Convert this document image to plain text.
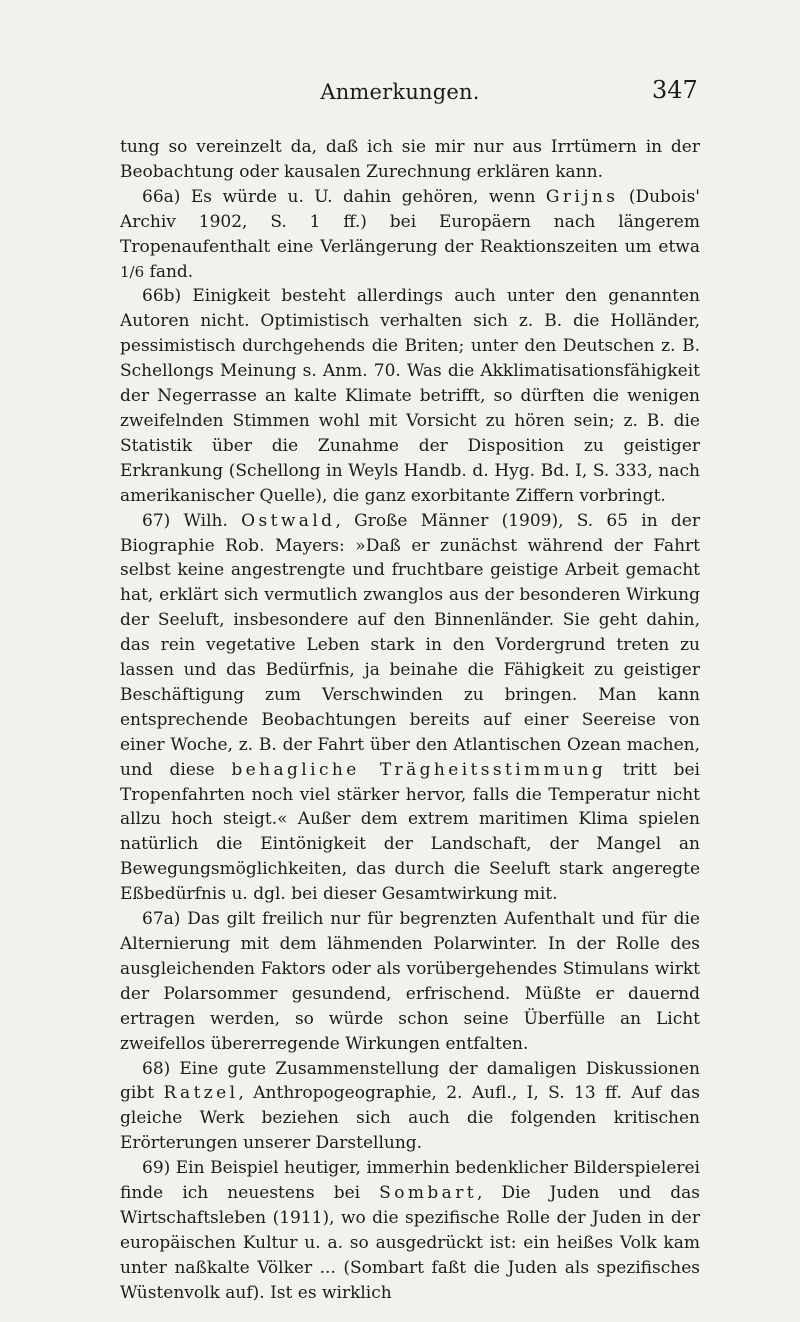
Anmerkungen.	347

tung so vereinzelt da, daß ich sie mir nur aus Irrtümern in der Beobachtung oder kausalen Zurechnung erklären kann.

66a) Es würde u. U. dahin gehören, wenn Grijns (Dubois' Archiv 1902, S. 1 ff.) bei Europäern nach längerem Tropenaufenthalt eine Verlängerung der Reaktionszeiten um etwa 1/6 fand.

66b) Einigkeit besteht allerdings auch unter den genannten Autoren nicht. Optimistisch verhalten sich z. B. die Holländer, pessimistisch durchgehends die Briten; unter den Deutschen z. B. Schellongs Meinung s. Anm. 70. Was die Akklimatisationsfähigkeit der Negerrasse an kalte Klimate betrifft, so dürften die wenigen zweifelnden Stimmen wohl mit Vorsicht zu hören sein; z. B. die Statistik über die Zunahme der Disposition zu geistiger Erkrankung (Schellong in Weyls Handb. d. Hyg. Bd. I, S. 333, nach amerikanischer Quelle), die ganz exorbitante Ziffern vorbringt.

67) Wilh. Ostwald, Große Männer (1909), S. 65 in der Biographie Rob. Mayers: »Daß er zunächst während der Fahrt selbst keine angestrengte und fruchtbare geistige Arbeit gemacht hat, erklärt sich vermutlich zwanglos aus der besonderen Wirkung der Seeluft, insbesondere auf den Binnenländer. Sie geht dahin, das rein vegetative Leben stark in den Vordergrund treten zu lassen und das Bedürfnis, ja beinahe die Fähigkeit zu geistiger Beschäftigung zum Verschwinden zu bringen. Man kann entsprechende Beobachtungen bereits auf einer Seereise von einer Woche, z. B. der Fahrt über den Atlantischen Ozean machen, und diese behagliche Trägheitsstimmung tritt bei Tropenfahrten noch viel stärker hervor, falls die Temperatur nicht allzu hoch steigt.« Außer dem extrem maritimen Klima spielen natürlich die Eintönigkeit der Landschaft, der Mangel an Bewegungsmöglichkeiten, das durch die Seeluft stark angeregte Eßbedürfnis u. dgl. bei dieser Gesamtwirkung mit.

67a) Das gilt freilich nur für begrenzten Aufenthalt und für die Alternierung mit dem lähmenden Polarwinter. In der Rolle des ausgleichenden Faktors oder als vorübergehendes Stimulans wirkt der Polarsommer gesundend, erfrischend. Müßte er dauernd ertragen werden, so würde schon seine Überfülle an Licht zweifellos übererregende Wirkungen entfalten.

68) Eine gute Zusammenstellung der damaligen Diskussionen gibt Ratzel, Anthropogeographie, 2. Aufl., I, S. 13 ff. Auf das gleiche Werk beziehen sich auch die folgenden kritischen Erörterungen unserer Darstellung.

69) Ein Beispiel heutiger, immerhin bedenklicher Bilderspielerei finde ich neuestens bei Sombart, Die Juden und das Wirtschaftsleben (1911), wo die spezifische Rolle der Juden in der europäischen Kultur u. a. so ausgedrückt ist: ein heißes Volk kam unter naßkalte Völker ... (Sombart faßt die Juden als spezifisches Wüstenvolk auf). Ist es wirklich
